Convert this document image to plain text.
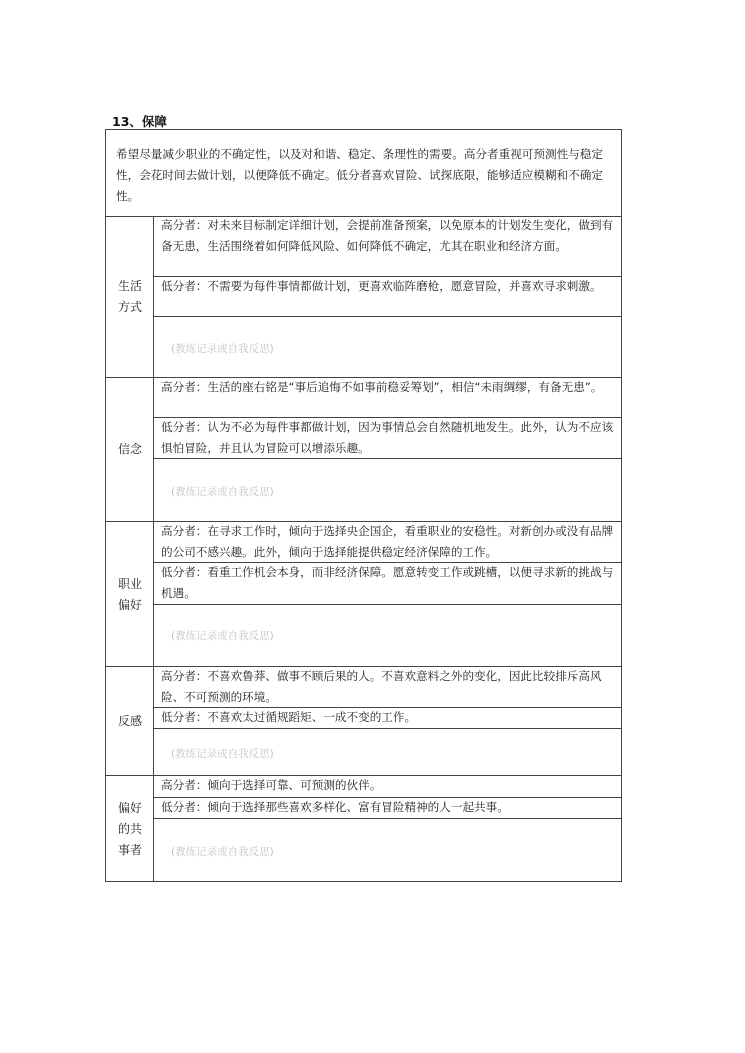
13、保障
希望尽量减少职业的不确定性，以及对和谐、稳定、条理性的需要。高分者重视可预测性与稳定性，会花时间去做计划，以便降低不确定。低分者喜欢冒险、试探底限，能够适应模糊和不确定性。
生活方式
高分者：对未来目标制定详细计划，会提前准备预案，以免原本的计划发生变化，做到有备无患，生活围绕着如何降低风险、如何降低不确定，尤其在职业和经济方面。
低分者：不需要为每件事情都做计划，更喜欢临阵磨枪，愿意冒险，并喜欢寻求刺激。
(教练记录或自我反思)
信念
高分者：生活的座右铭是“事后追悔不如事前稳妥筹划”，相信“未雨绸缪，有备无患”。
低分者：认为不必为每件事都做计划，因为事情总会自然随机地发生。此外，认为不应该惧怕冒险，并且认为冒险可以增添乐趣。
(教练记录或自我反思)
职业偏好
高分者：在寻求工作时，倾向于选择央企国企，看重职业的安稳性。对新创办或没有品牌的公司不感兴趣。此外，倾向于选择能提供稳定经济保障的工作。
低分者：看重工作机会本身，而非经济保障。愿意转变工作或跳槽，以便寻求新的挑战与机遇。
(教练记录或自我反思)
反感
高分者：不喜欢鲁莽、做事不顾后果的人。不喜欢意料之外的变化，因此比较排斥高风险、不可预测的环境。
低分者：不喜欢太过循规蹈矩、一成不变的工作。
(教练记录或自我反思)
偏好的共事者
高分者：倾向于选择可靠、可预测的伙伴。
低分者：倾向于选择那些喜欢多样化、富有冒险精神的人一起共事。
(教练记录或自我反思)
